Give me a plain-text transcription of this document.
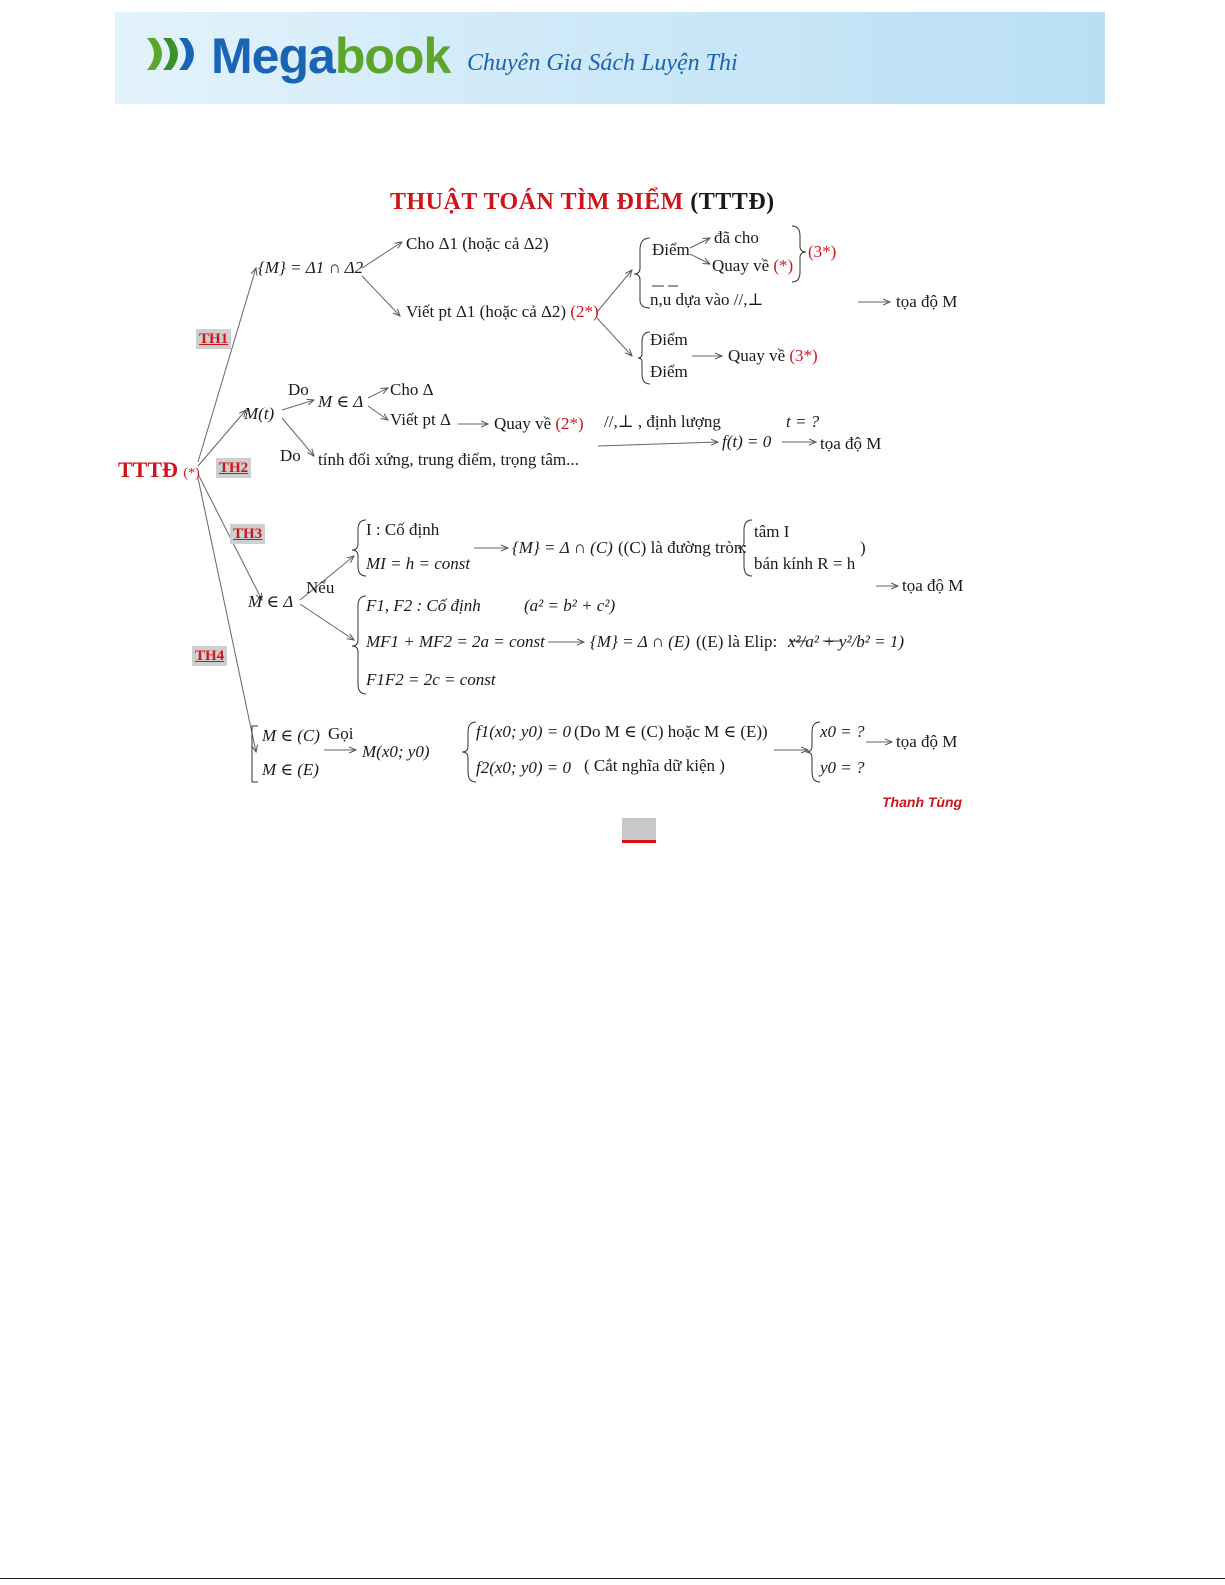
Megabook Chuyên Gia Sách Luyện Thi
THUẬT TOÁN TÌM ĐIỂM (TTTĐ)
TTTĐ (*)
TH1
TH2
TH3
TH4
{M} = Δ1 ∩ Δ2
Cho Δ1 (hoặc cả Δ2)
Viết pt Δ1 (hoặc cả Δ2) (2*)
Điểm
đã cho
Quay về (*)
(3*)
n,u dựa vào //,⊥
Điểm
Điểm
Quay về (3*)
tọa độ M
M(t)
Do
M ∈ Δ
Cho Δ
Viết pt Δ	Quay về (2*) //,⊥ , định lượng
f(t) = 0
t = ?
tọa độ M
Do tính đối xứng, trung điểm, trọng tâm...
M ∈ Δ
Nếu
I : Cố định
MI = h = const
{M} = Δ ∩ (C) ((C) là đường tròn:
tâm I
bán kính R = h
)
tọa độ M
F1, F2 : Cố định	(a² = b² + c²)
MF1 + MF2 = 2a = const	{M} = Δ ∩ (E) ((E) là Elip: x²/a² + y²/b² = 1)
F1F2 = 2c = const
M ∈ (C)
M ∈ (E)
Gọi
M(x0; y0)
f1(x0; y0) = 0 (Do M ∈ (C) hoặc M ∈ (E))
f2(x0; y0) = 0 ( Cắt nghĩa dữ kiện )
x0 = ?
y0 = ?
tọa độ M
Thanh Tùng
